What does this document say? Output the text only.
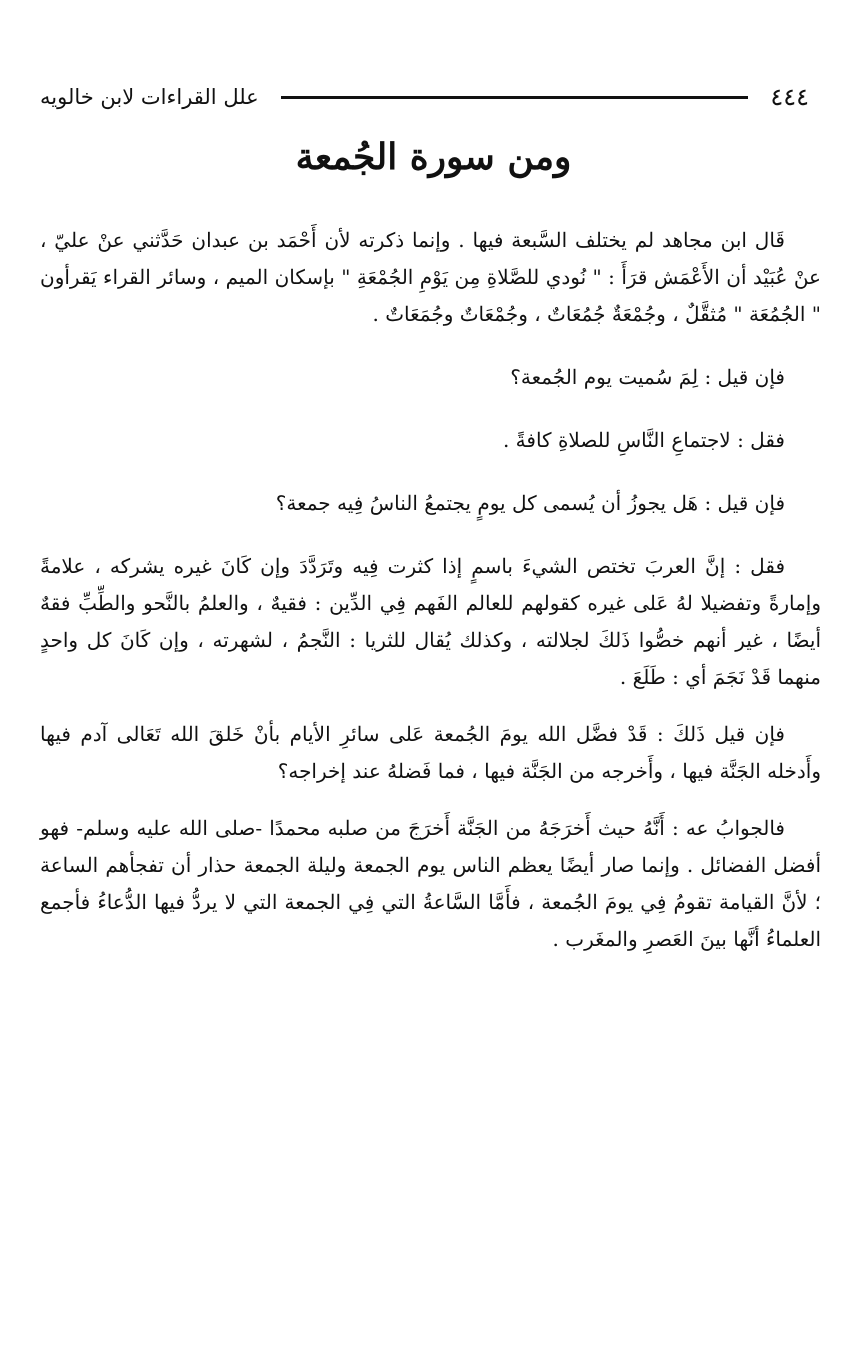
٤٤٤
علل القراءات لابن خالويه
ومن سورة الجُمعة

قَال ابن مجاهد لم يختلف السَّبعة فيها . وإنما ذكرته لأن أَحْمَد بن عبدان حَدَّثني عنْ عليّ ، عنْ عُبَيْد أن الأَعْمَش قرَأَ : " نُودي للصَّلاةِ مِن يَوْمِ الجُمْعَةِ " بإسكان الميم ، وسائر القراء يَقرأون " الجُمُعَة " مُثقَّلٌ ، وجُمْعَةٌ جُمُعَاتٌ ، وجُمْعَاتٌ وجُمَعَاتٌ .

فإن قيل : لِمَ سُميت يوم الجُمعة؟

فقل : لاجتماعِ النَّاسِ للصلاةِ كافةً .

فإن قيل : هَل يجوزُ أن يُسمى كل يومٍ يجتمعُ الناسُ فِيه جمعة؟

فقل : إنَّ العربَ تختص الشيءَ باسمٍ إذا كثرت فِيه وتَرَدَّدَ وإن كَانَ غيره يشركه ، علامةً وإمارةً وتفضيلا لهُ عَلى غيره كقولهم للعالم الفَهم فِي الدِّين : فقيهٌ ، والعلمُ بالنَّحو والطِّبِّ فقهٌ أيضًا ، غير أنهم خصُّوا ذَلكَ لجلالته ، وكذلك يُقال للثريا : النَّجمُ ، لشهرته ، وإن كَانَ كل واحدٍ منهما قَدْ نَجَمَ أي : طَلَعَ .

فإن قيل ذَلكَ : قَدْ فضَّل الله يومَ الجُمعة عَلى سائرِ الأيام بأنْ خَلقَ الله تَعَالى آدم فيها وأَدخله الجَنَّة فيها ، وأَخرجه من الجَنَّة فيها ، فما فَضلهُ عند إخراجه؟

فالجوابُ عه : أَنَّهُ حيث أَخرَجَهُ من الجَنَّة أَخرَجَ من صلبه محمدًا -صلى الله عليه وسلم- فهو أفضل الفضائل . وإنما صار أيضًا يعظم الناس يوم الجمعة وليلة الجمعة حذار أن تفجأهم الساعة ؛ لأنَّ القيامة تقومُ فِي يومَ الجُمعة ، فأَمَّا السَّاعةُ التي فِي الجمعة التي لا يردُّ فيها الدُّعاءُ فأجمع العلماءُ أنَّها بينَ العَصرِ والمغَرب .
